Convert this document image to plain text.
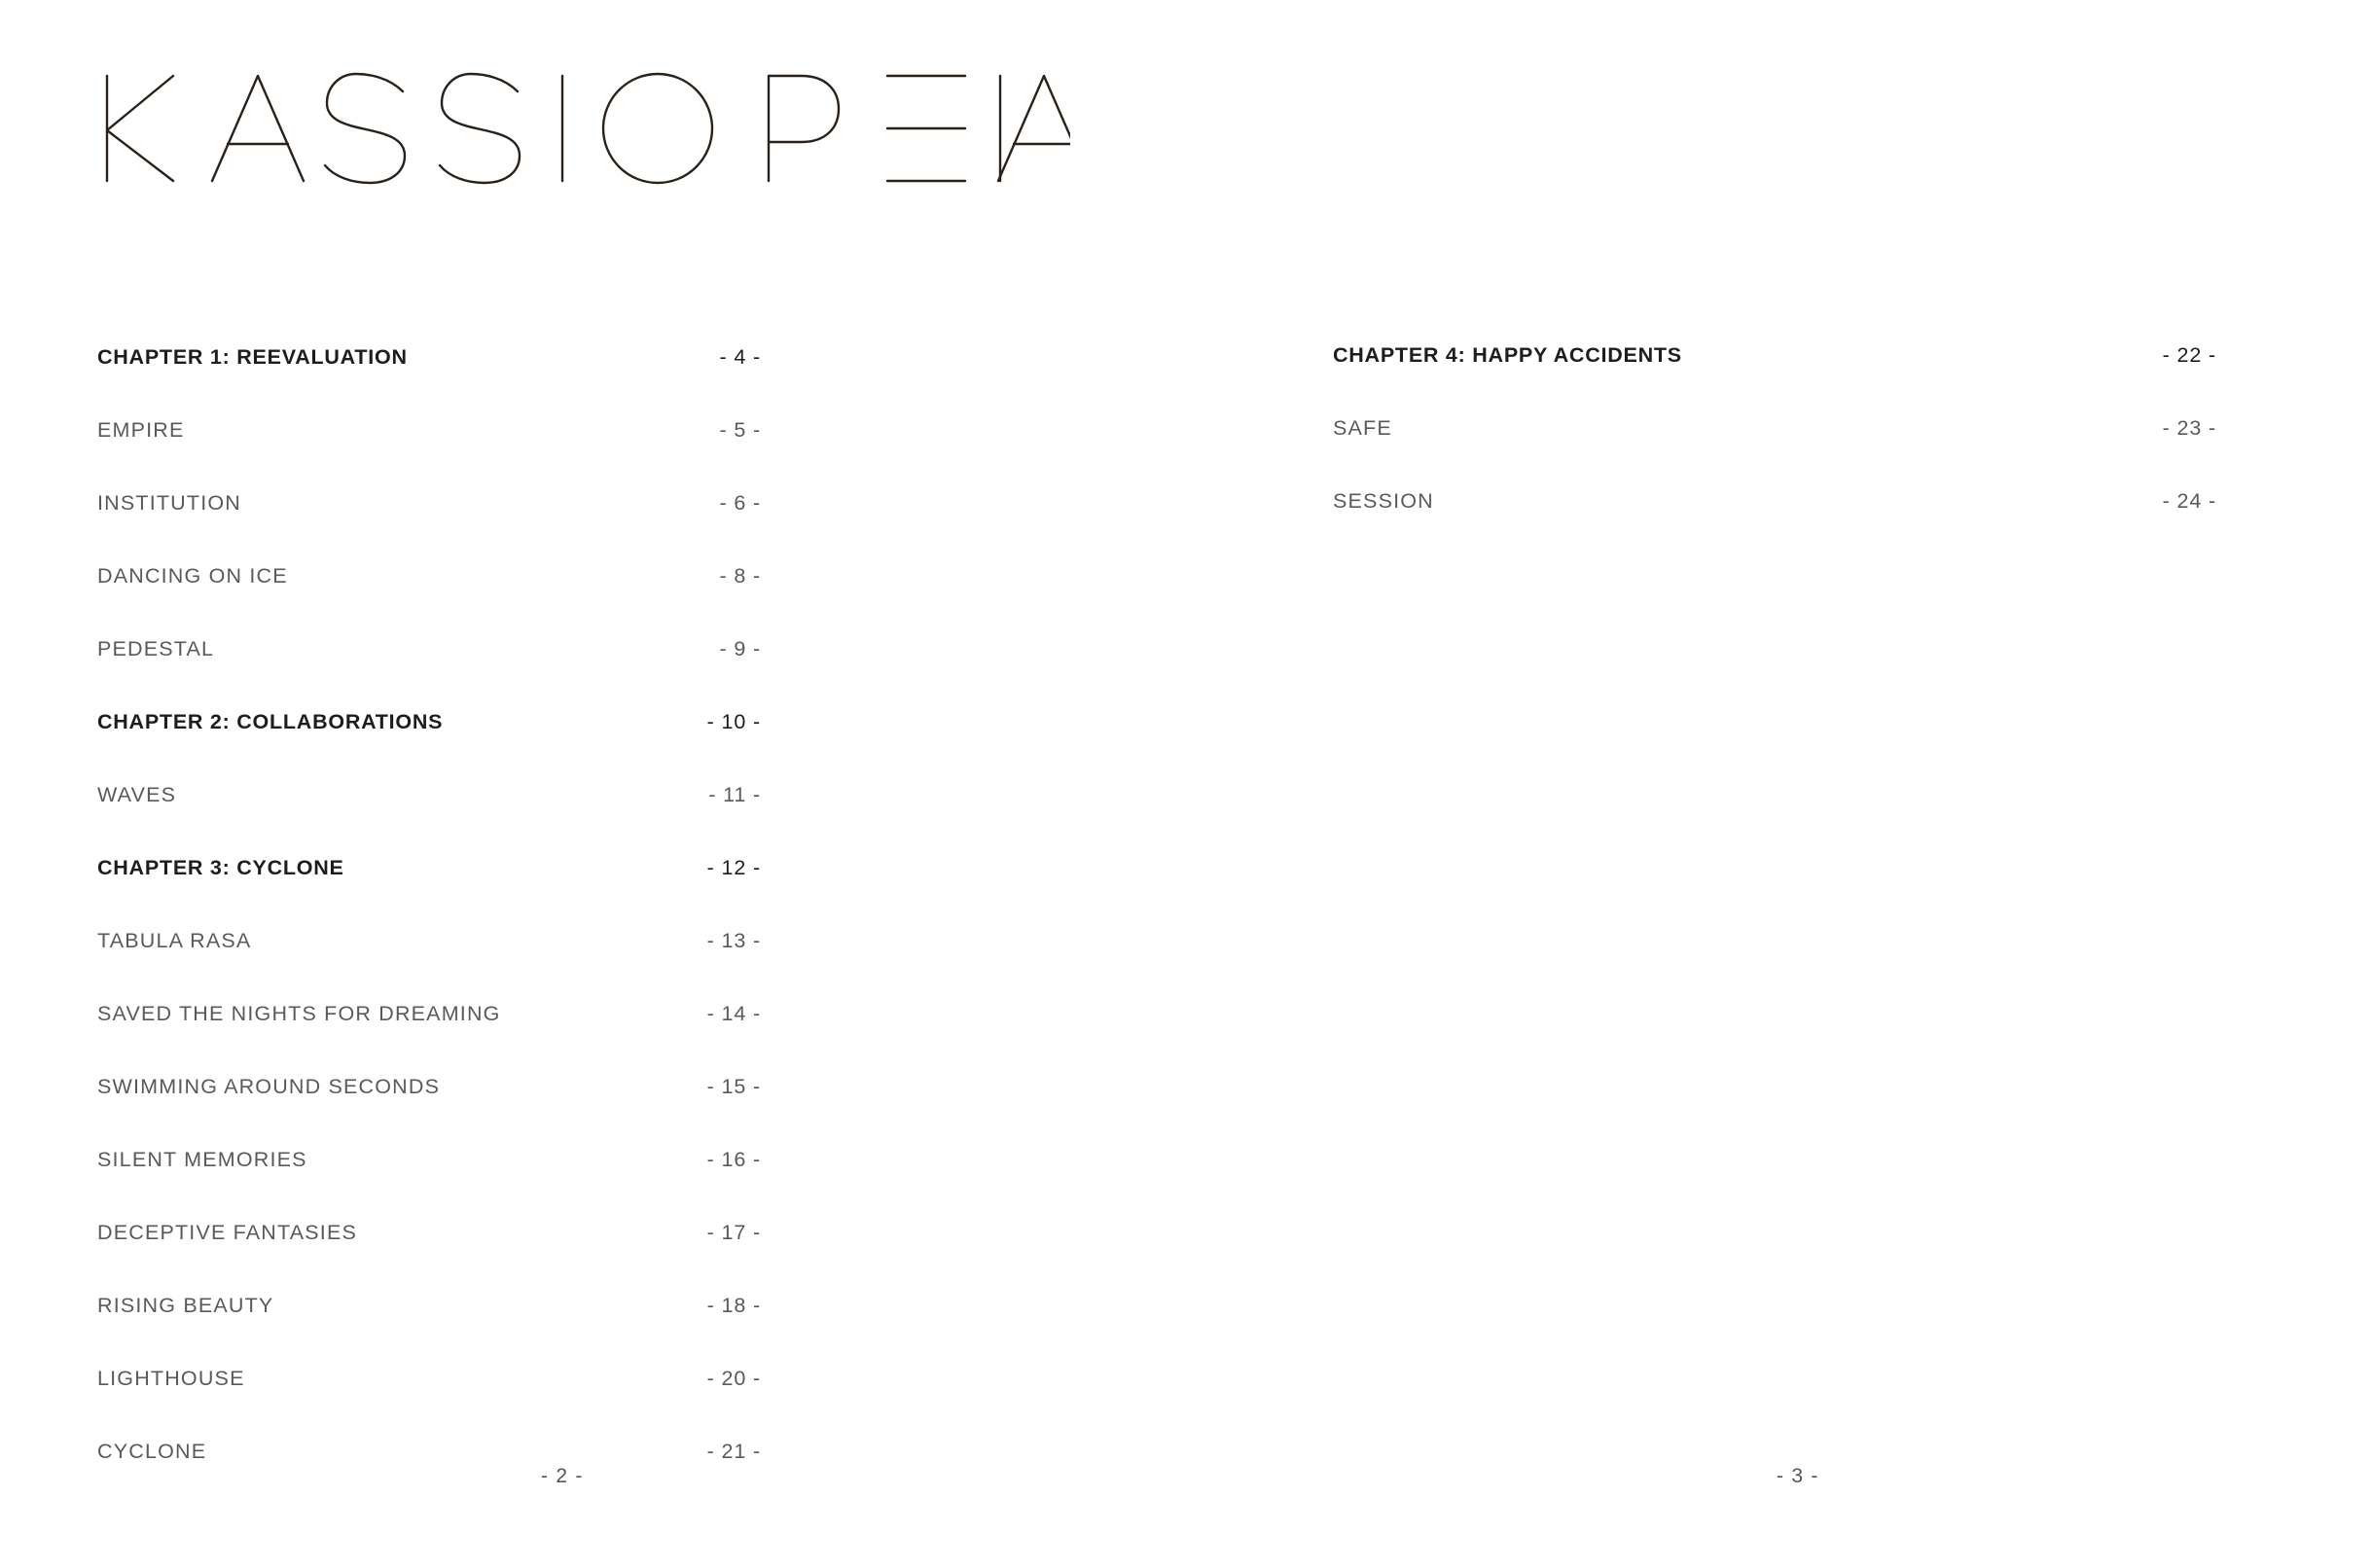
CHAPTER 1: REEVALUATION	- 4 -
EMPIRE	- 5 -
INSTITUTION	- 6 -
DANCING ON ICE	- 8 -
PEDESTAL	- 9 -
CHAPTER 2: COLLABORATIONS	- 10 -
WAVES	- 11 -
CHAPTER 3: CYCLONE	- 12 -
TABULA RASA	- 13 -
SAVED THE NIGHTS FOR DREAMING	- 14 -
SWIMMING AROUND SECONDS	- 15 -
SILENT MEMORIES	- 16 -
DECEPTIVE FANTASIES	- 17 -
RISING BEAUTY	- 18 -
LIGHTHOUSE	- 20 -
CYCLONE	- 21 -
CHAPTER 4: HAPPY ACCIDENTS	- 22 -
SAFE	- 23 -
SESSION	- 24 -
- 2 -	- 3 -
